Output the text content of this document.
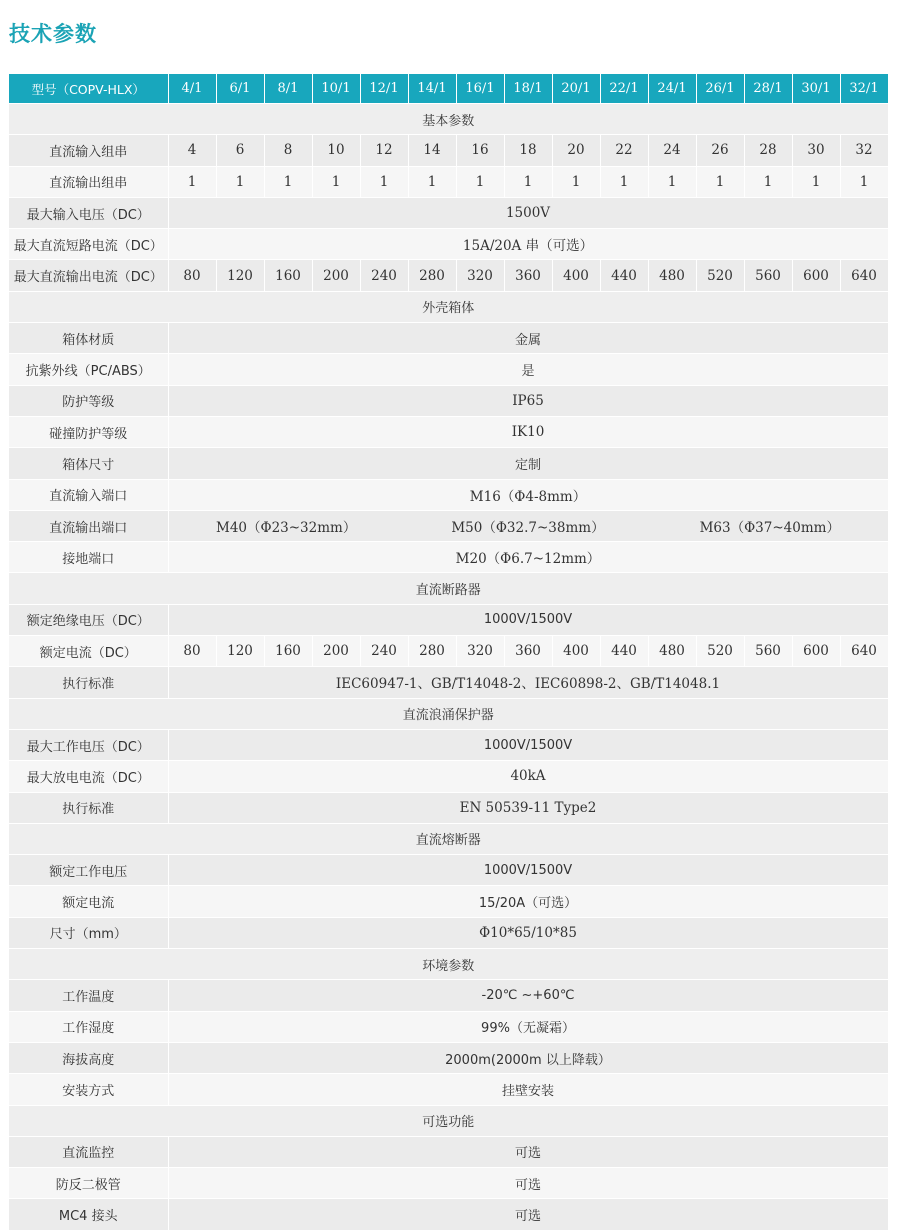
技术参数
型号（COPV-HLX）	4/1	6/1	8/1	10/1	12/1	14/1	16/1	18/1	20/1	22/1	24/1	26/1	28/1	30/1	32/1
基本参数															
直流输入组串	4	6	8	10	12	14	16	18	20	22	24	26	28	30	32
直流输出组串	1	1	1	1	1	1	1	1	1	1	1	1	1	1	1
最大输入电压（DC）	1500V														
最大直流短路电流（DC）	15A/20A 串（可选）														
最大直流输出电流（DC）	80	120	160	200	240	280	320	360	400	440	480	520	560	600	640
外壳箱体															
箱体材质	金属														
抗紫外线（PC/ABS）	是														
防护等级	IP65														
碰撞防护等级	IK10														
箱体尺寸	定制														
直流输入端口	M16（Φ4-8mm）														
直流输出端口	M40（Φ23~32mm） M50（Φ32.7~38mm） M63（Φ37~40mm）														

接地端口	M20（Φ6.7~12mm）														
直流断路器															
额定绝缘电压（DC）	1000V/1500V														
额定电流（DC）	80	120	160	200	240	280	320	360	400	440	480	520	560	600	640
执行标准	IEC60947-1、GB/T14048-2、IEC60898-2、GB/T14048.1														
直流浪涌保护器															
最大工作电压（DC）	1000V/1500V														
最大放电电流（DC）	40kA														
执行标准	EN 50539-11 Type2														
直流熔断器															
额定工作电压	1000V/1500V														
额定电流	15/20A（可选）														
尺寸（mm）	Φ10*65/10*85														
环境参数															
工作温度	-20℃ ~+60℃														
工作湿度	99%（无凝霜）														
海拔高度	2000m(2000m 以上降载）														
安装方式	挂壁安装														
可选功能															
直流监控	可选														
防反二极管	可选														
MC4 接头	可选														
